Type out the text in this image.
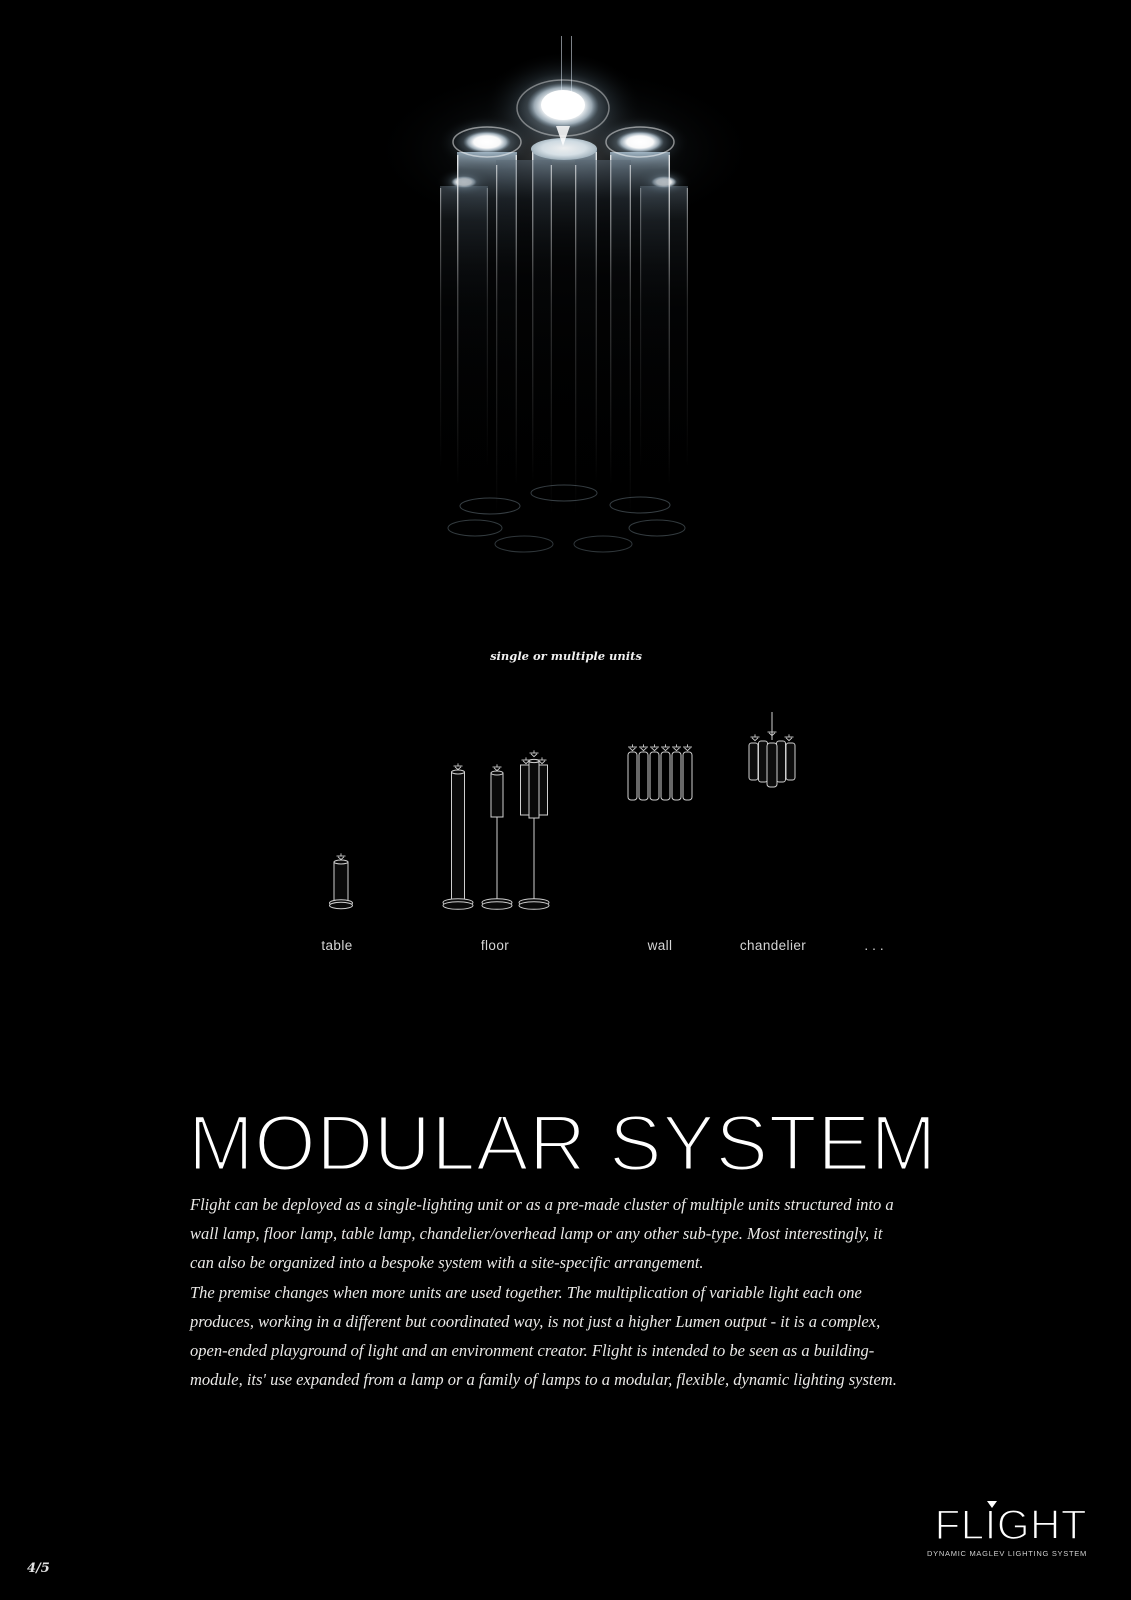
single or multiple units
table	floor	wall	chandelier	...
MODULAR SYSTEM
Flight can be deployed as a single-lighting unit or as a pre-made cluster of multiple units structured into a
wall lamp, floor lamp, table lamp, chandelier/overhead lamp or any other sub-type. Most interestingly, it
can also be organized into a bespoke system with a site-specific arrangement.
The premise changes when more units are used together. The multiplication of variable light each one
produces, working in a different but coordinated way, is not just a higher Lumen output - it is a complex,
open-ended playground of light and an environment creator. Flight is intended to be seen as a building-
module, its' use expanded from a lamp or a family of lamps to a modular, flexible, dynamic lighting system.
FLIGHT
DYNAMIC MAGLEV LIGHTING SYSTEM
4/5
